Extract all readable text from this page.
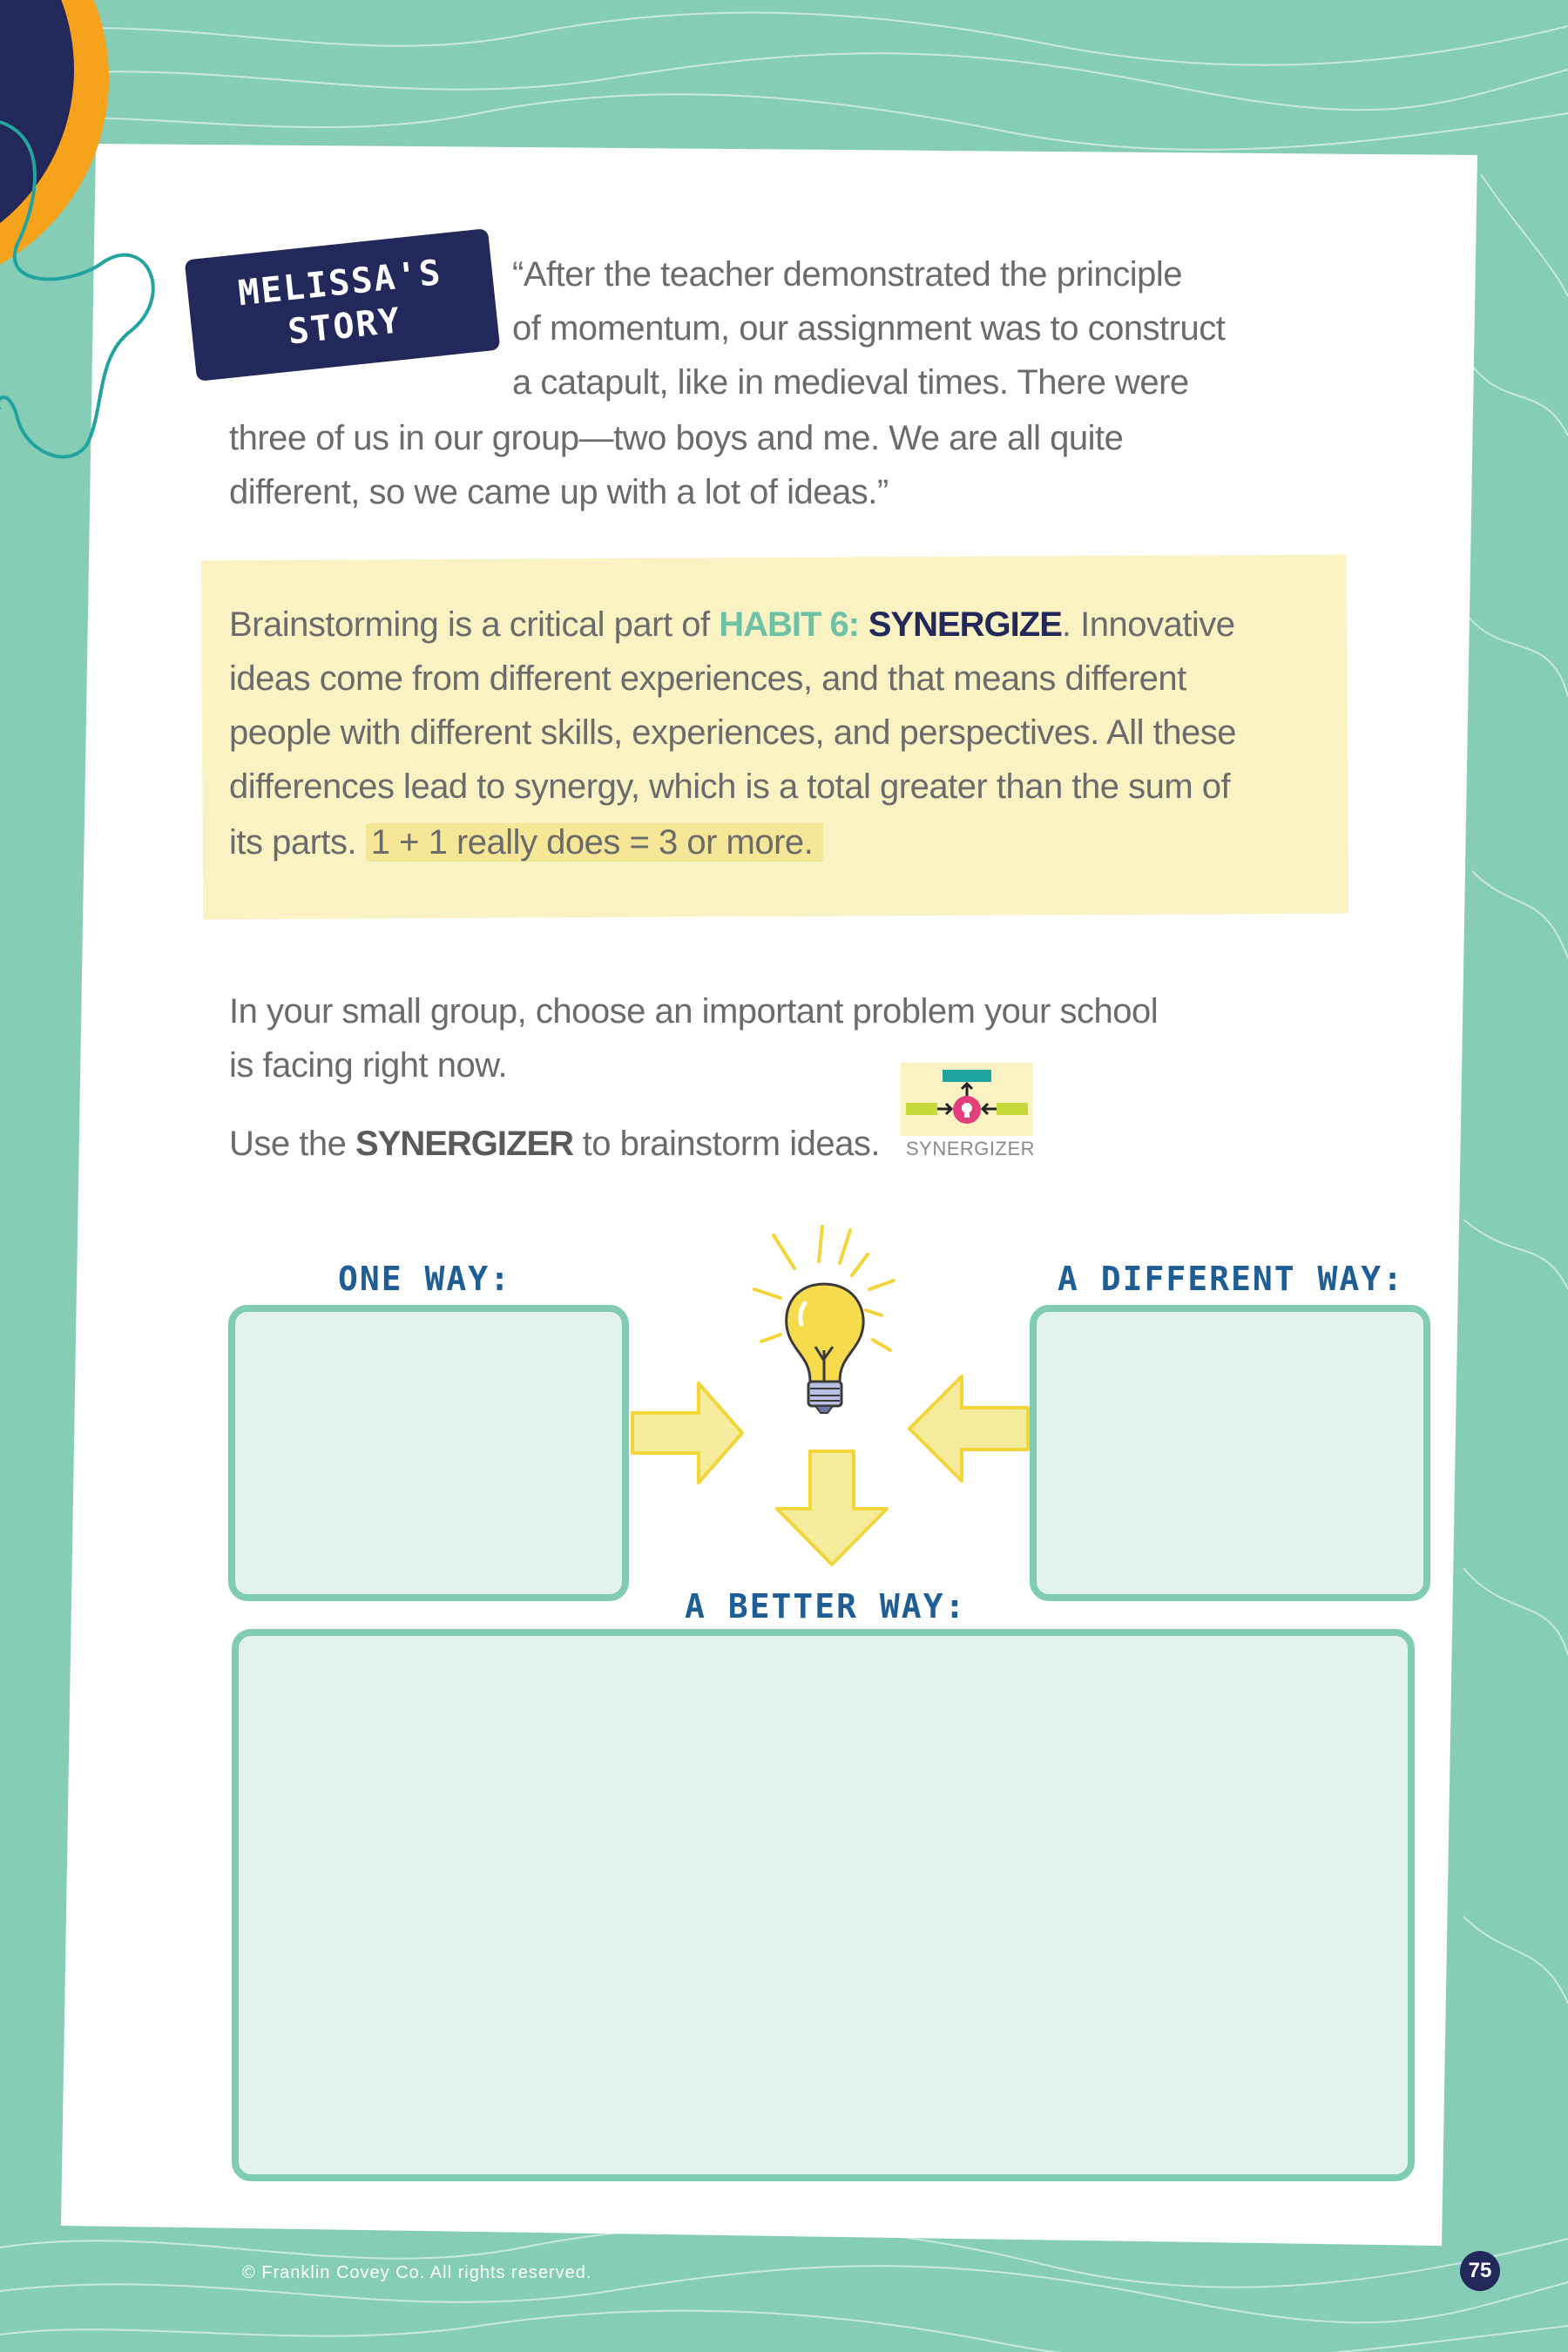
MELISSA'S
STORY
“After the teacher demonstrated the principle
of momentum, our assignment was to construct
a catapult, like in medieval times. There were
three of us in our group—two boys and me. We are all quite
different, so we came up with a lot of ideas.”
Brainstorming is a critical part of HABIT 6: SYNERGIZE. Innovative
ideas come from different experiences, and that means different
people with different skills, experiences, and perspectives. All these
differences lead to synergy, which is a total greater than the sum of
its parts. 1 + 1 really does = 3 or more.
In your small group, choose an important problem your school
is facing right now.
Use the SYNERGIZER to brainstorm ideas. SYNERGIZER
ONE WAY:	A DIFFERENT WAY:
A BETTER WAY:
© Franklin Covey Co. All rights reserved.	75
